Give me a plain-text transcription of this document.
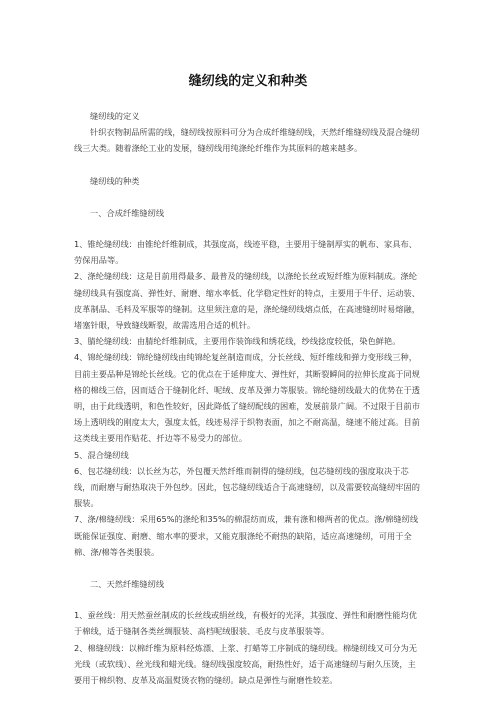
缝纫线的定义和种类

缝纫线的定义

针织衣物制品所需的线，缝纫线按原料可分为合成纤维缝纫线，天然纤维缝纫线及混合缝纫线三大类。随着涤纶工业的发展，缝纫线用纯涤纶纤维作为其原料的越来越多。

缝纫线的种类

一、合成纤维缝纫线

1、锥纶缝纫线：由锥纶纤维制成，其强度高，线迹平稳，主要用于缝制厚实的帆布、家具布、劳保用品等。

2、涤纶缝纫线：这是目前用得最多、最普及的缝纫线，以涤纶长丝或短纤维为原料制成。涤纶缝纫线具有强度高、弹性好、耐磨、缩水率低、化学稳定性好的特点，主要用于牛仔、运动装、皮革制品、毛料及军服等的缝制。这里须注意的是，涤纶缝纫线熔点低，在高速缝纫时易熔融，堵塞针眼，导致缝线断裂，故需选用合适的机针。

3、腈纶缝纫线：由腈纶纤维制成，主要用作装饰线和绣花线，纱线捻度较低，染色鲜艳。

4、锦纶缝纫线：锦纶缝纫线由纯锦纶复丝制造而成，分长丝线、短纤维线和弹力变形线三种，目前主要品种是锦纶长丝线。它的优点在于延伸度大、弹性好，其断裂瞬间的拉伸长度高于同规格的棉线三倍，因而适合于缝制化纤、呢绒、皮革及弹力等服装。锦纶缝纫线最大的优势在于透明，由于此线透明，和色性较好，因此降低了缝纫配线的困难，发展前景广阔。不过限于目前市场上透明线的刚度太大，强度太低，线迹易浮于织物表面，加之不耐高温，缝速不能过高。目前这类线主要用作贴花、扦边等不易受力的部位。

5、混合缝纫线

6、包芯缝纫线：以长丝为芯，外包覆天然纤维而制得的缝纫线，包芯缝纫线的强度取决于芯线，而耐磨与耐热取决于外包纱。因此，包芯缝纫线适合于高速缝纫，以及需要较高缝纫牢固的服装。

7、涤/棉缝纫线：采用65%的涤纶和35%的棉混纺而成，兼有涤和棉两者的优点。涤/棉缝纫线既能保证强度、耐磨、缩水率的要求，又能克服涤纶不耐热的缺陷，适应高速缝纫，可用于全棉、涤/棉等各类服装。

二、天然纤维缝纫线

1、蚕丝线：用天然蚕丝制成的长丝线或绢丝线，有极好的光泽，其强度、弹性和耐磨性能均优于棉线，适于缝制各类丝绸服装、高档呢绒服装、毛皮与皮革服装等。

2、棉缝纫线：以棉纤维为原料经炼漂、上浆、打蜡等工序制成的缝纫线。棉缝纫线又可分为无光线（或软线）、丝光线和蜡光线。缝纫线强度较高，耐热性好，适于高速缝纫与耐久压烫，主要用于棉织物、皮革及高温熨烫衣物的缝纫。缺点是弹性与耐磨性较差。
